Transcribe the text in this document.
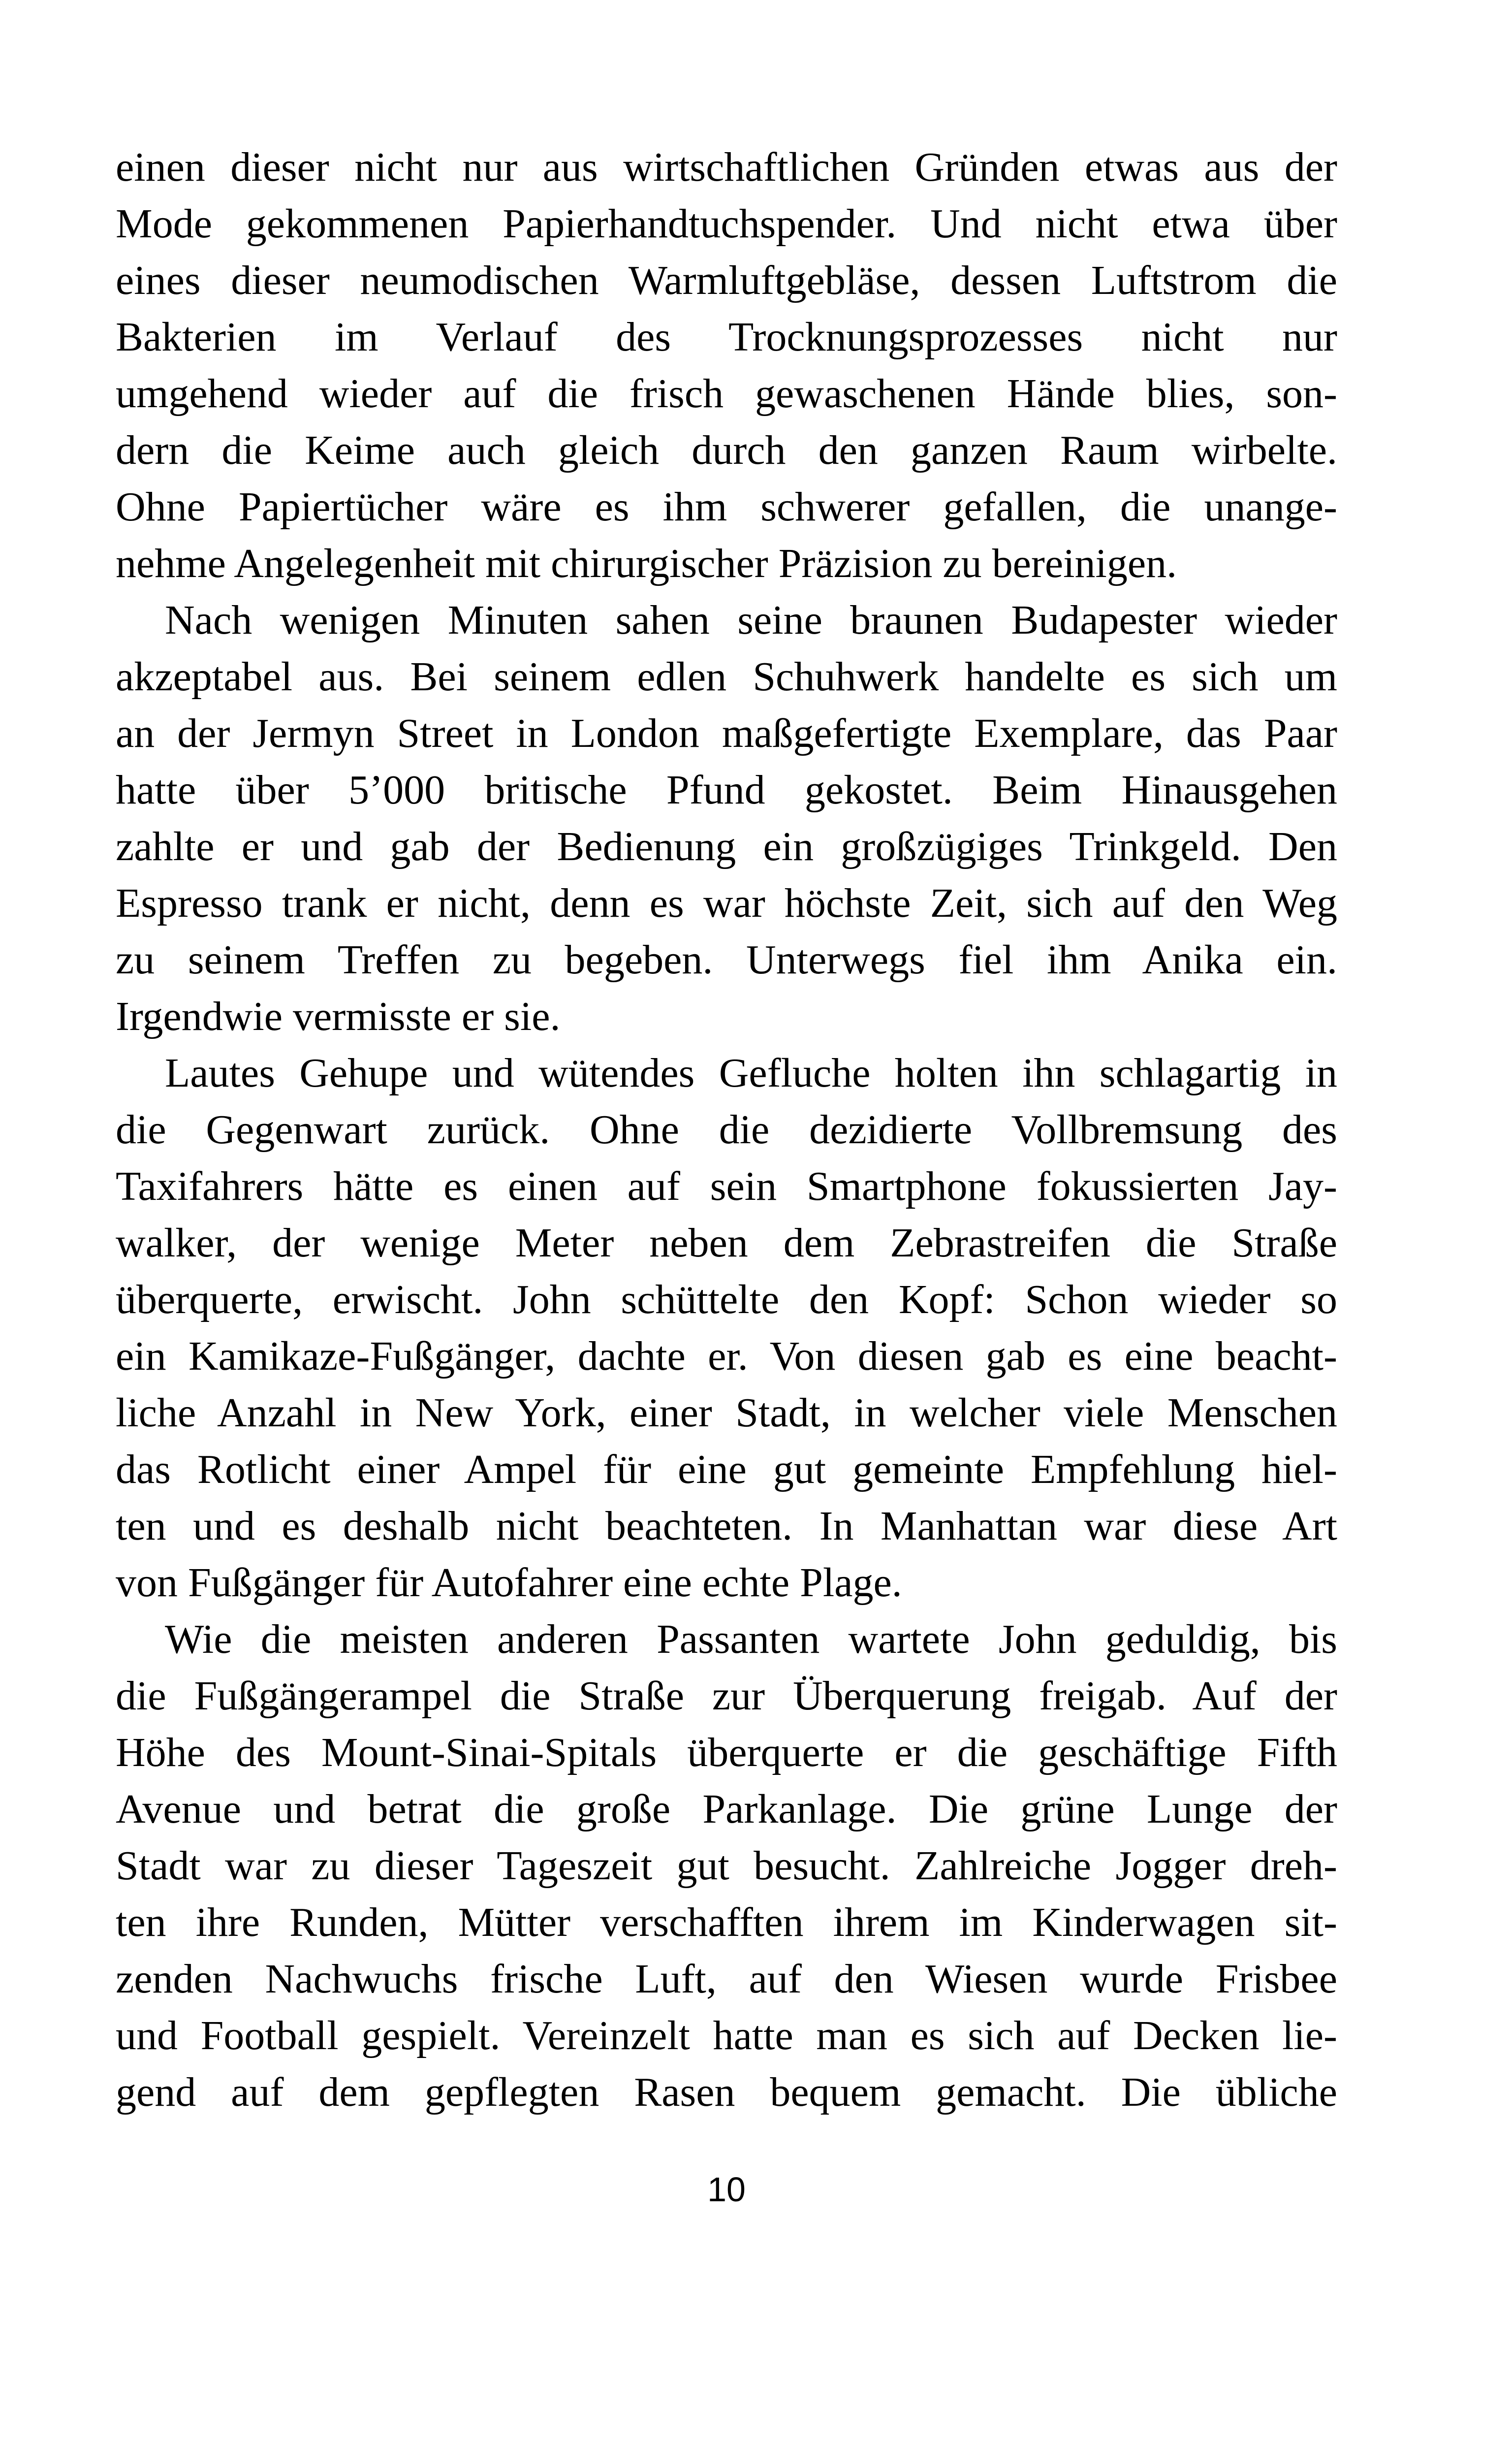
einen dieser nicht nur aus wirtschaftlichen Gründen etwas aus der
Mode gekommenen Papierhandtuchspender. Und nicht etwa über
eines dieser neumodischen Warmluftgebläse, dessen Luftstrom die
Bakterien im Verlauf des Trocknungsprozesses nicht nur
umgehend wieder auf die frisch gewaschenen Hände blies, son-
dern die Keime auch gleich durch den ganzen Raum wirbelte.
Ohne Papiertücher wäre es ihm schwerer gefallen, die unange-
nehme Angelegenheit mit chirurgischer Präzision zu bereinigen.
Nach wenigen Minuten sahen seine braunen Budapester wieder
akzeptabel aus. Bei seinem edlen Schuhwerk handelte es sich um
an der Jermyn Street in London maßgefertigte Exemplare, das Paar
hatte über 5’000 britische Pfund gekostet. Beim Hinausgehen
zahlte er und gab der Bedienung ein großzügiges Trinkgeld. Den
Espresso trank er nicht, denn es war höchste Zeit, sich auf den Weg
zu seinem Treffen zu begeben. Unterwegs fiel ihm Anika ein.
Irgendwie vermisste er sie.
Lautes Gehupe und wütendes Gefluche holten ihn schlagartig in
die Gegenwart zurück. Ohne die dezidierte Vollbremsung des
Taxifahrers hätte es einen auf sein Smartphone fokussierten Jay-
walker, der wenige Meter neben dem Zebrastreifen die Straße
überquerte, erwischt. John schüttelte den Kopf: Schon wieder so
ein Kamikaze-Fußgänger, dachte er. Von diesen gab es eine beacht-
liche Anzahl in New York, einer Stadt, in welcher viele Menschen
das Rotlicht einer Ampel für eine gut gemeinte Empfehlung hiel-
ten und es deshalb nicht beachteten. In Manhattan war diese Art
von Fußgänger für Autofahrer eine echte Plage.
Wie die meisten anderen Passanten wartete John geduldig, bis
die Fußgängerampel die Straße zur Überquerung freigab. Auf der
Höhe des Mount-Sinai-Spitals überquerte er die geschäftige Fifth
Avenue und betrat die große Parkanlage. Die grüne Lunge der
Stadt war zu dieser Tageszeit gut besucht. Zahlreiche Jogger dreh-
ten ihre Runden, Mütter verschafften ihrem im Kinderwagen sit-
zenden Nachwuchs frische Luft, auf den Wiesen wurde Frisbee
und Football gespielt. Vereinzelt hatte man es sich auf Decken lie-
gend auf dem gepflegten Rasen bequem gemacht. Die übliche
10
